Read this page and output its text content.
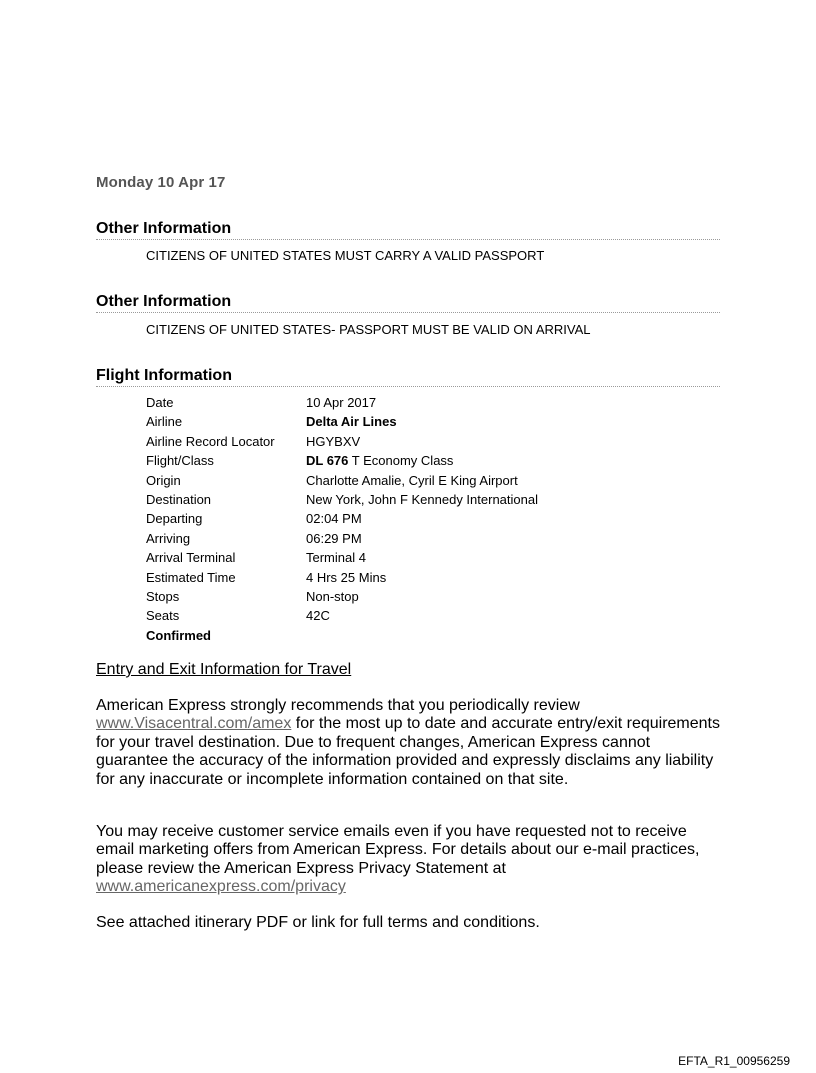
Monday 10 Apr 17
Other Information
CITIZENS OF UNITED STATES MUST CARRY A VALID PASSPORT
Other Information
CITIZENS OF UNITED STATES- PASSPORT MUST BE VALID ON ARRIVAL
Flight Information
Date	10 Apr 2017
Airline	Delta Air Lines
Airline Record Locator	HGYBXV
Flight/Class	DL 676 T Economy Class
Origin	Charlotte Amalie, Cyril E King Airport
Destination	New York, John F Kennedy International
Departing	02:04 PM
Arriving	06:29 PM
Arrival Terminal	Terminal 4
Estimated Time	4 Hrs 25 Mins
Stops	Non-stop
Seats	42C
Confirmed
Entry and Exit Information for Travel
American Express strongly recommends that you periodically review
www.Visacentral.com/amex for the most up to date and accurate entry/exit requirements for your travel destination. Due to frequent changes, American Express cannot guarantee the accuracy of the information provided and expressly disclaims any liability for any inaccurate or incomplete information contained on that site.
You may receive customer service emails even if you have requested not to receive email marketing offers from American Express. For details about our e-mail practices, please review the American Express Privacy Statement at
www.americanexpress.com/privacy
See attached itinerary PDF or link for full terms and conditions.
EFTA_R1_00956259
